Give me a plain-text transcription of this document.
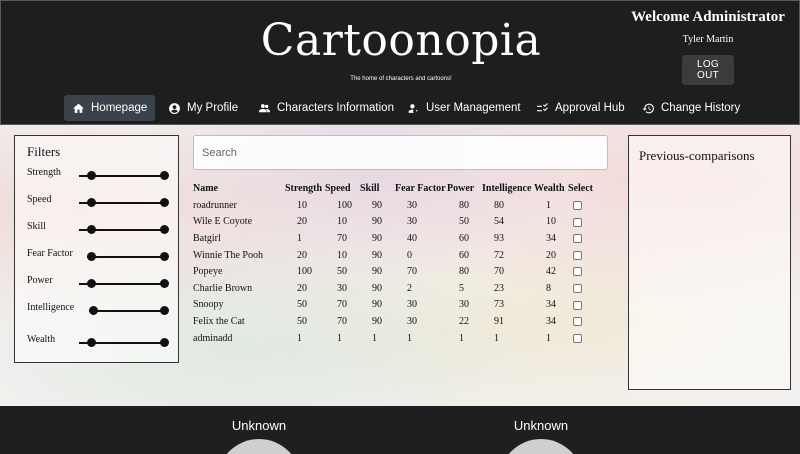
Cartoonopia
The home of characters and cartoons!
Welcome Administrator
Tyler Martin
LOG OUT
Homepage	My Profile	Characters Information	User Management	Approval Hub	Change History
Filters
Strength
Speed
Skill
Fear Factor
Power
Intelligence
Wealth
Search
Name	Strength	Speed	Skill	Fear Factor	Power	Intelligence	Wealth	Select
roadrunner	10	100	90	30	80	80	1	
Wile E Coyote	20	10	90	30	50	54	10	
Batgirl	1	70	90	40	60	93	34	
Winnie The Pooh	20	10	90	0	60	72	20	
Popeye	100	50	90	70	80	70	42	
Charlie Brown	20	30	90	2	5	23	8	
Snoopy	50	70	90	30	30	73	34	
Felix the Cat	50	70	90	30	22	91	34	
adminadd	1	1	1	1	1	1	1	
Previous-comparisons
Unknown	Unknown
